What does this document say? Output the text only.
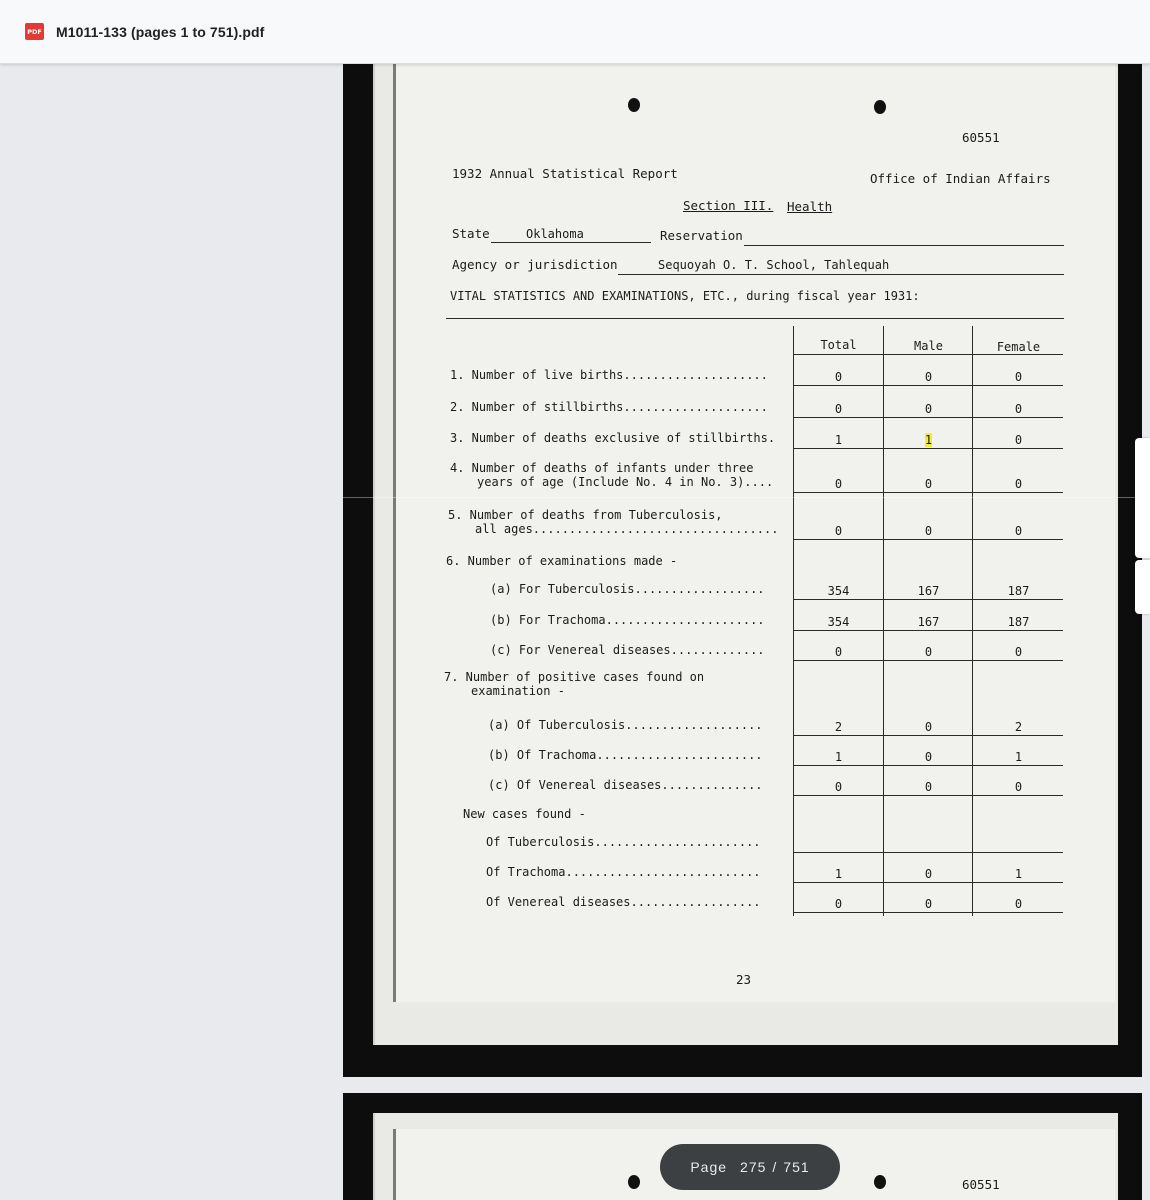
PDF M1011-133 (pages 1 to 751).pdf
60551
1932 Annual Statistical Report	Office of Indian Affairs
Section III. Health
State	Oklahoma	Reservation
Agency or jurisdiction	Sequoyah O. T. School, Tahlequah
VITAL STATISTICS AND EXAMINATIONS, ETC., during fiscal year 1931:
Total	Male	Female
1. Number of live births....................	0	0	0
2. Number of stillbirths....................	0	0	0
3. Number of deaths exclusive of stillbirths.	1	1	0
4. Number of deaths of infants under three
years of age (Include No. 4 in No. 3)....	0	0	0
5. Number of deaths from Tuberculosis,
all ages..................................	0	0	0
6. Number of examinations made -
(a) For Tuberculosis..................	354	167	187
(b) For Trachoma......................	354	167	187
(c) For Venereal diseases.............	0	0	0
7. Number of positive cases found on
examination -
(a) Of Tuberculosis...................	2	0	2
(b) Of Trachoma.......................	1	0	1
(c) Of Venereal diseases..............	0	0	0
New cases found -
Of Tuberculosis.......................
Of Trachoma...........................	1	0	1
Of Venereal diseases..................	0	0	0
23
60551
Page 275 / 751
